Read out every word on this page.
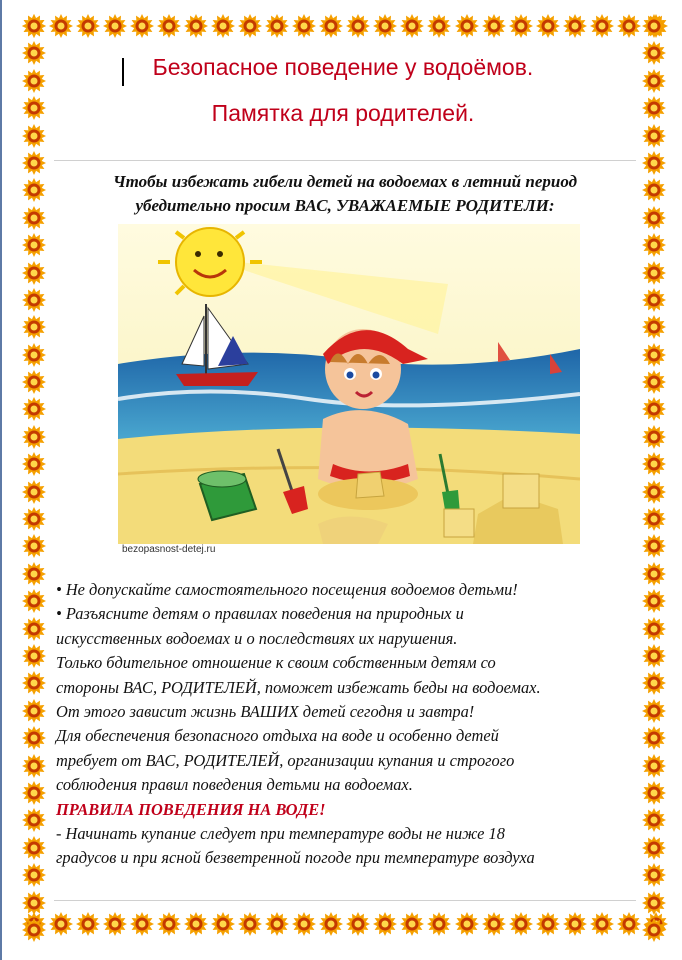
Безопасное поведение у водоёмов.
Памятка для родителей.
Чтобы избежать гибели детей на водоемах в летний период
убедительно просим ВАС, УВАЖАЕМЫЕ РОДИТЕЛИ:
bezopasnost-detej.ru

• Не допускайте самостоятельного посещения водоемов детьми!

• Разъясните детям о правилах поведения на природных и

искусственных водоемах и о последствиях их нарушения.

Только бдительное отношение к своим собственным детям со

стороны ВАС, РОДИТЕЛЕЙ, поможет избежать беды на водоемах.

От этого зависит жизнь ВАШИХ детей сегодня и завтра!

Для обеспечения безопасного отдыха на воде и особенно детей

требует от ВАС, РОДИТЕЛЕЙ, организации купания и строгого

соблюдения правил поведения детьми на водоемах.

ПРАВИЛА ПОВЕДЕНИЯ НА ВОДЕ!

- Начинать купание следует при температуре воды не ниже 18

градусов и при ясной безветренной погоде при температуре воздуха
